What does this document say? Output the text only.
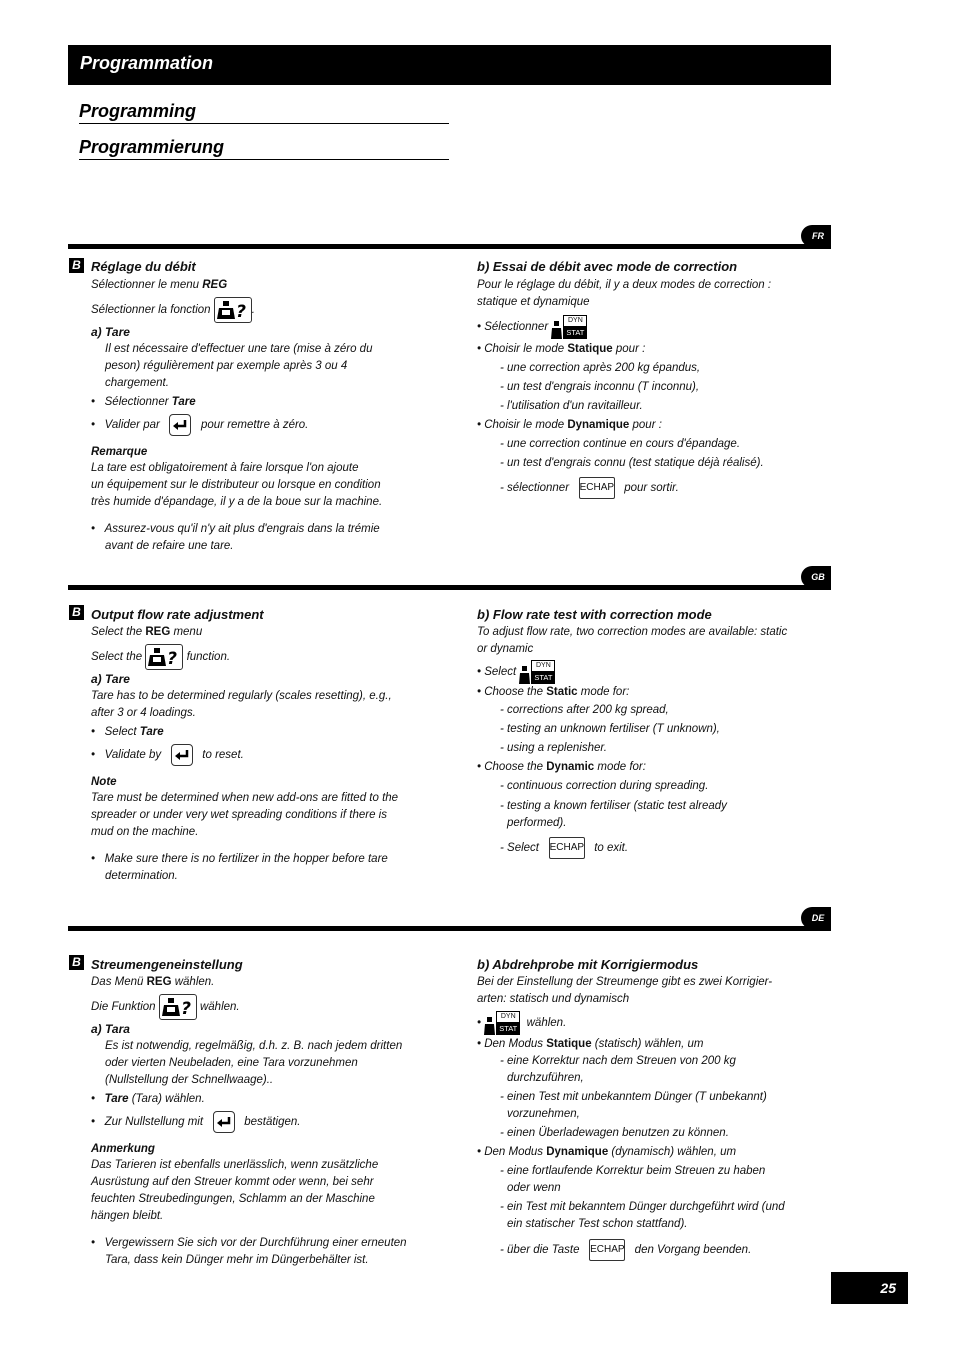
Programmation
Programming
Programmierung
FR
B Réglage du débit
Sélectionner le menu REG
Sélectionner la fonction ? .
a) Tare
Il est nécessaire d'effectuer une tare (mise à zéro du
peson) régulièrement par exemple après 3 ou 4
chargement.
•   Sélectionner Tare
•   Valider par	pour remettre à zéro.
Remarque
La tare est obligatoirement à faire lorsque l'on ajoute
un équipement sur le distributeur ou lorsque en condition
très humide d'épandage, il y a de la boue sur la machine.
•   Assurez-vous qu'il n'y ait plus d'engrais dans la trémie
avant de refaire une tare.
b) Essai de débit avec mode de correction
Pour le réglage du débit, il y a deux modes de correction :
statique et dynamique
• Sélectionner
DYN
STAT
• Choisir le mode Statique pour :
- une correction après 200 kg épandus,
- un test d'engrais inconnu (T inconnu),
- l'utilisation d'un ravitailleur.
• Choisir le mode Dynamique pour :
- une correction continue en cours d'épandage.
- un test d'engrais connu (test statique déjà réalisé).
- sélectionner ECHAP pour sortir.
GB
B Output flow rate adjustment
Select the REG menu
Select the ? function.
a) Tare
Tare has to be determined regularly (scales resetting), e.g.,
after 3 or 4 loadings.
•   Select Tare
•   Validate by	to reset.
Note
Tare must be determined when new add-ons are fitted to the
spreader or under very wet spreading conditions if there is
mud on the machine.
•   Make sure there is no fertilizer in the hopper before tare
determination.
b) Flow rate test with correction mode
To adjust flow rate, two correction modes are available: static
or dynamic
• Select
DYN
STAT
• Choose the Static mode for:
- corrections after 200 kg spread,
- testing an unknown fertiliser (T unknown),
- using a replenisher.
• Choose the Dynamic mode for:
- continuous correction during spreading.
- testing a known fertiliser (static test already
performed).
- Select ECHAP to exit.
DE
B Streumengeneinstellung
Das Menü REG wählen.
Die Funktion ? wählen.
a) Tara
Es ist notwendig, regelmäßig, d.h. z. B. nach jedem dritten
oder vierten Neubeladen, eine Tara vorzunehmen
(Nullstellung der Schnellwaage)..
•   Tare (Tara) wählen.
•   Zur Nullstellung mit	bestätigen.
Anmerkung
Das Tarieren ist ebenfalls unerlässlich, wenn zusätzliche
Ausrüstung auf den Streuer kommt oder wenn, bei sehr
feuchten Streubedingungen, Schlamm an der Maschine
hängen bleibt.
•   Vergewissern Sie sich vor der Durchführung einer erneuten
Tara, dass kein Dünger mehr im Düngerbehälter ist.
b) Abdrehprobe mit Korrigiermodus
Bei der Einstellung der Streumenge gibt es zwei Korrigier-
arten: statisch und dynamisch
•
DYN
STAT wählen.
• Den Modus Statique (statisch) wählen, um
- eine Korrektur nach dem Streuen von 200 kg
durchzuführen,
- einen Test mit unbekanntem Dünger (T unbekannt)
vorzunehmen,
- einen Überladewagen benutzen zu können.
• Den Modus Dynamique (dynamisch) wählen, um
- eine fortlaufende Korrektur beim Streuen zu haben
oder wenn
- ein Test mit bekanntem Dünger durchgeführt wird (und
ein statischer Test schon stattfand).
- über die Taste ECHAP den Vorgang beenden.
25
